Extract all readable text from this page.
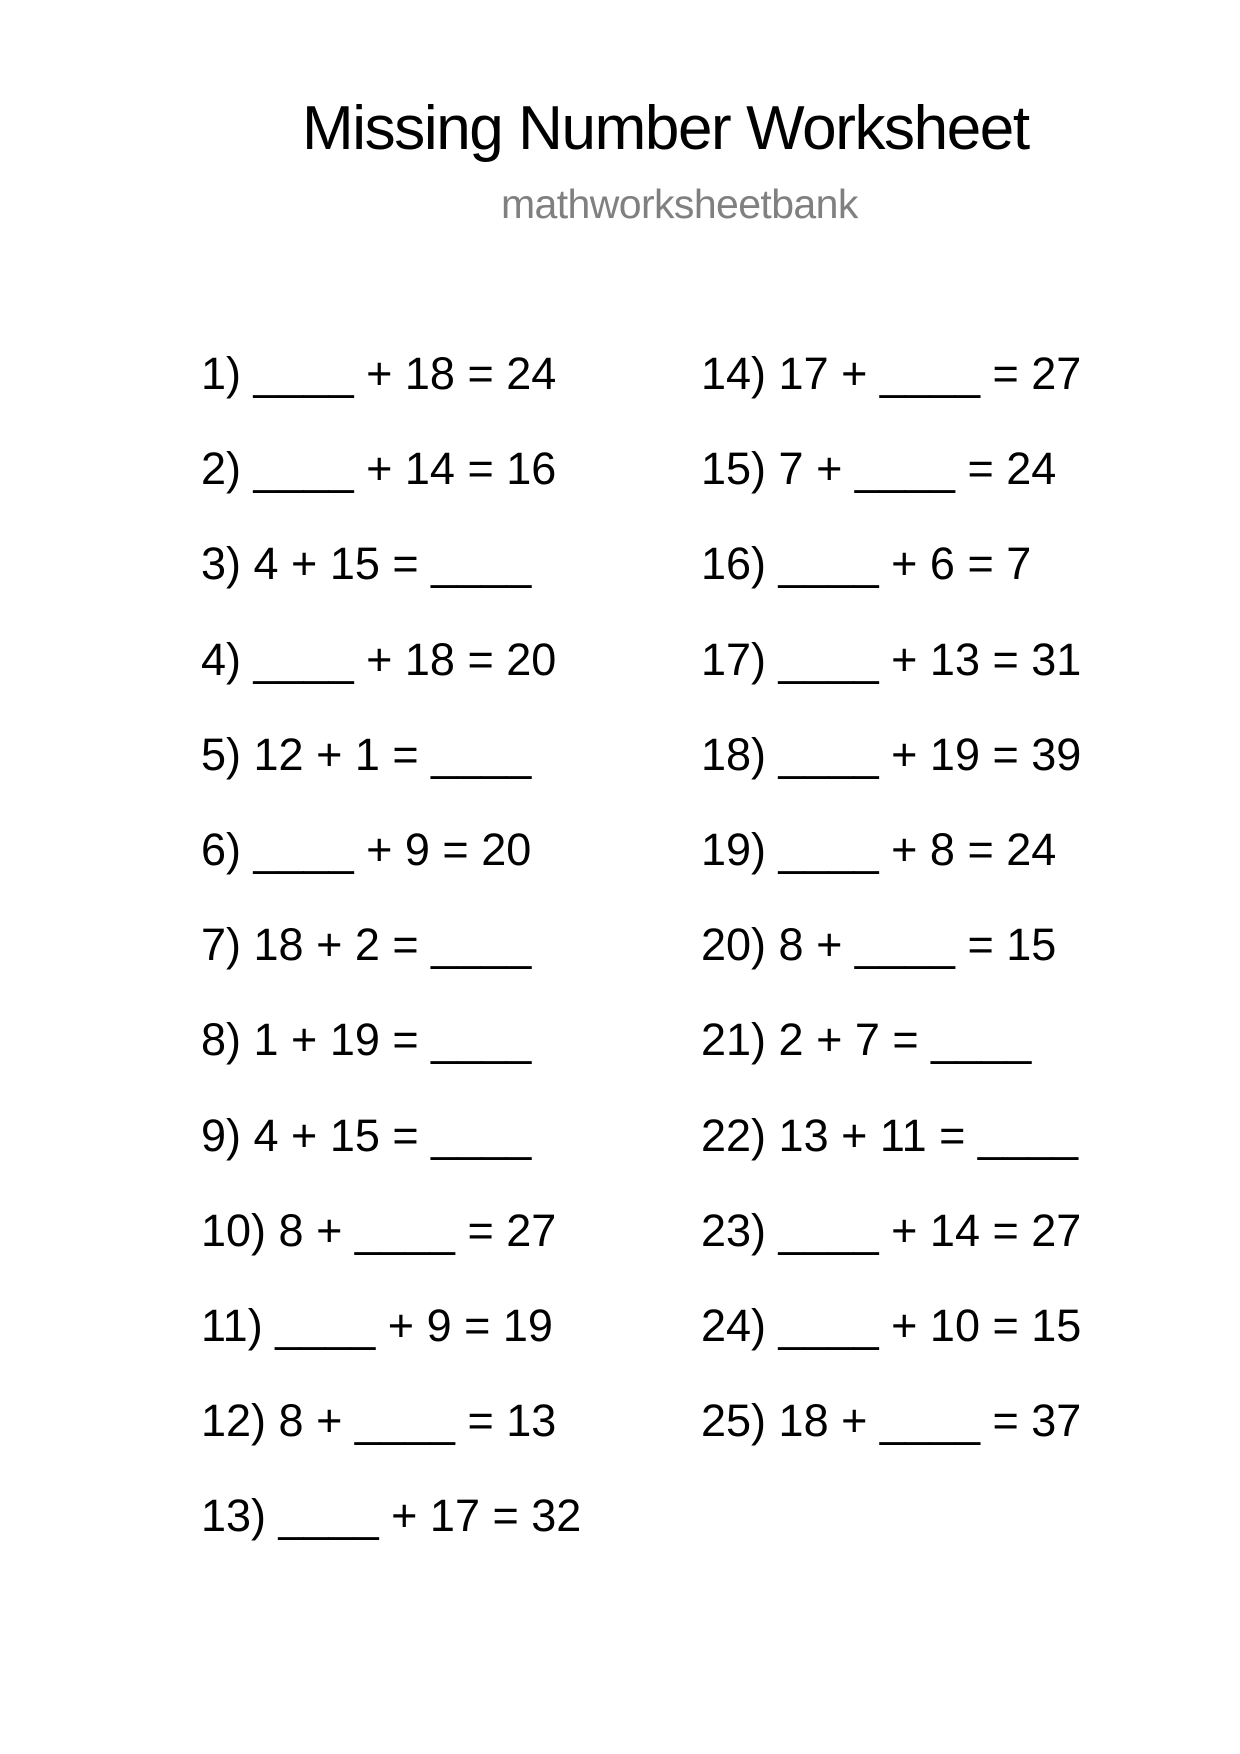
Missing Number Worksheet
mathworksheetbank
1) ____ + 18 = 24
2) ____ + 14 = 16
3) 4 + 15 = ____
4) ____ + 18 = 20
5) 12 + 1 = ____
6) ____ + 9 = 20
7) 18 + 2 = ____
8) 1 + 19 = ____
9) 4 + 15 = ____
10) 8 + ____ = 27
11) ____ + 9 = 19
12) 8 + ____ = 13
13) ____ + 17 = 32
14) 17 + ____ = 27
15) 7 + ____ = 24
16) ____ + 6 = 7
17) ____ + 13 = 31
18) ____ + 19 = 39
19) ____ + 8 = 24
20) 8 + ____ = 15
21) 2 + 7 = ____
22) 13 + 11 = ____
23) ____ + 14 = 27
24) ____ + 10 = 15
25) 18 + ____ = 37
